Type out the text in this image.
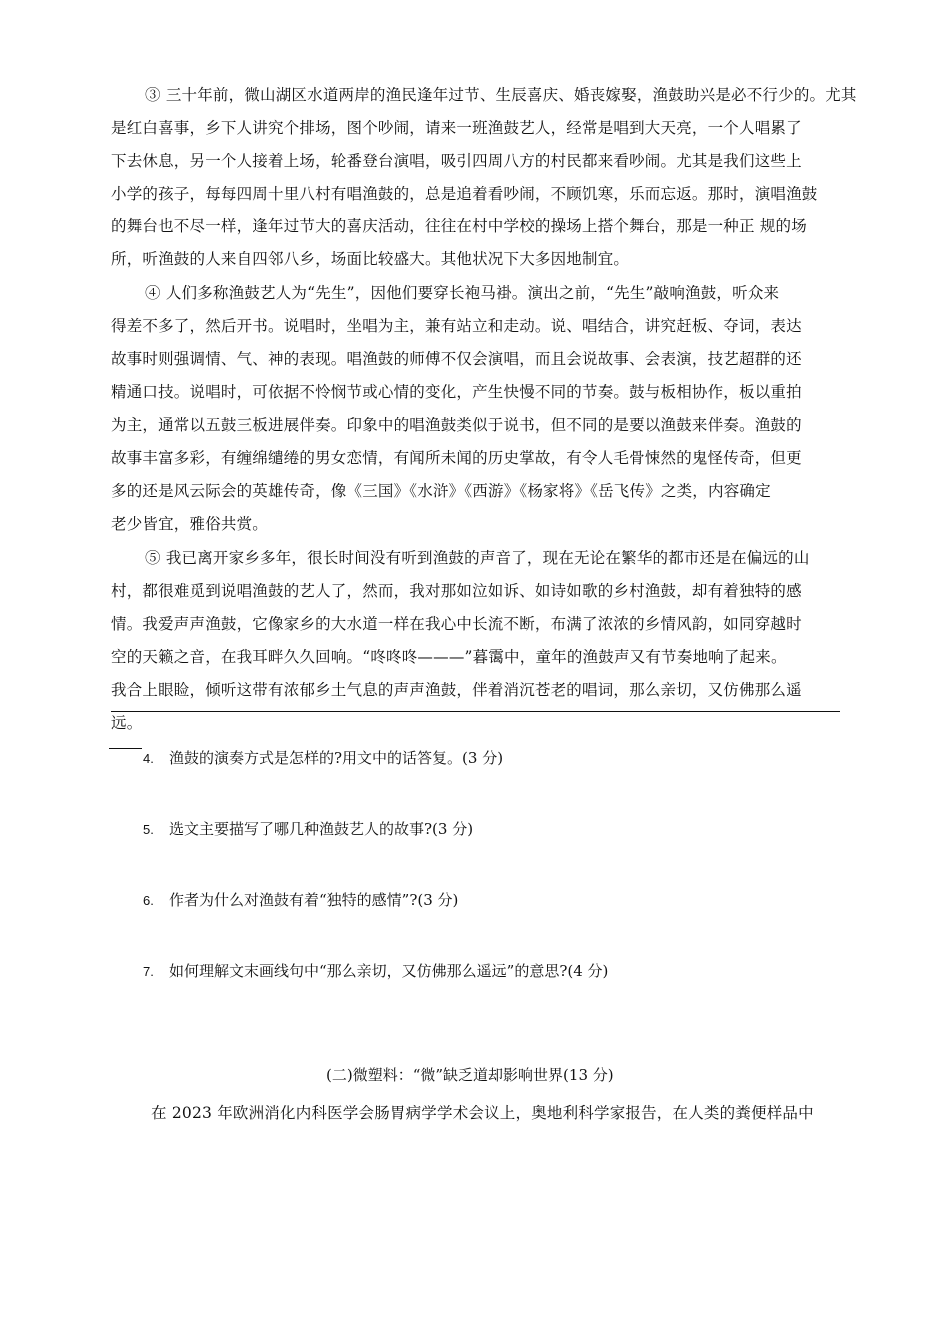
③ 三十年前，微山湖区水道两岸的渔民逢年过节、生辰喜庆、婚丧嫁娶，渔鼓助兴是必不行少的。尤其
是红白喜事，乡下人讲究个排场，图个吵闹，请来一班渔鼓艺人，经常是唱到大天亮，一个人唱累了
下去休息，另一个人接着上场，轮番登台演唱，吸引四周八方的村民都来看吵闹。尤其是我们这些上
小学的孩子，每每四周十里八村有唱渔鼓的，总是追着看吵闹，不顾饥寒，乐而忘返。那时，演唱渔鼓
的舞台也不尽一样，逢年过节大的喜庆活动，往往在村中学校的操场上搭个舞台，那是一种正 规的场
所，听渔鼓的人来自四邻八乡，场面比较盛大。其他状况下大多因地制宜。
④ 人们多称渔鼓艺人为“先生”，因他们要穿长袍马褂。演出之前，“先生”敲响渔鼓，听众来
得差不多了，然后开书。说唱时，坐唱为主，兼有站立和走动。说、唱结合，讲究赶板、夺词，表达
故事时则强调情、气、神的表现。唱渔鼓的师傅不仅会演唱，而且会说故事、会表演，技艺超群的还
精通口技。说唱时，可依据不怜悯节或心情的变化，产生快慢不同的节奏。鼓与板相协作，板以重拍
为主，通常以五鼓三板进展伴奏。印象中的唱渔鼓类似于说书，但不同的是要以渔鼓来伴奏。渔鼓的
故事丰富多彩，有缠绵缱绻的男女恋情，有闻所未闻的历史掌故，有令人毛骨悚然的鬼怪传奇，但更
多的还是风云际会的英雄传奇，像《三国》《水浒》《西游》《杨家将》《岳飞传》之类，内容确定
老少皆宜，雅俗共赏。
⑤ 我已离开家乡多年，很长时间没有听到渔鼓的声音了，现在无论在繁华的都市还是在偏远的山
村，都很难觅到说唱渔鼓的艺人了，然而，我对那如泣如诉、如诗如歌的乡村渔鼓，却有着独特的感
情。我爱声声渔鼓，它像家乡的大水道一样在我心中长流不断，布满了浓浓的乡情风韵，如同穿越时
空的天籁之音，在我耳畔久久回响。“咚咚咚———”暮霭中，童年的渔鼓声又有节奏地响了起来。
我合上眼睑，倾听这带有浓郁乡土气息的声声渔鼓，伴着消沉苍老的唱词，那么亲切，又仿佛那么遥
远。
4. 渔鼓的演奏方式是怎样的?用文中的话答复。(3 分)
5. 选文主要描写了哪几种渔鼓艺人的故事?(3 分)
6. 作者为什么对渔鼓有着“独特的感情”?(3 分)
7. 如何理解文末画线句中“那么亲切，又仿佛那么遥远”的意思?(4 分)
(二)微塑料：“微”缺乏道却影响世界(13 分)
在 2023 年欧洲消化内科医学会肠胃病学学术会议上，奥地利科学家报告，在人类的粪便样品中
